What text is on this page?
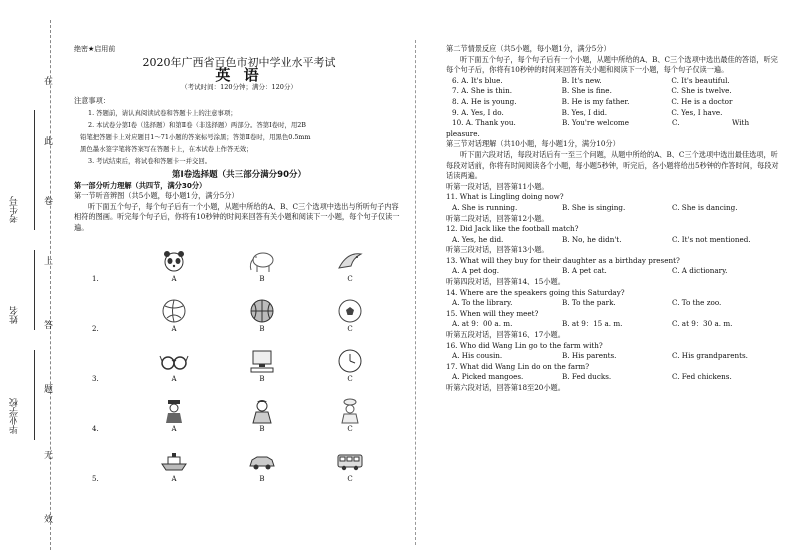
在
此
卷
上
答
题
无
效
考生号
姓名
毕业学校
绝密★启用前
2020年广西省百色市初中学业水平考试
英 语
（考试时间：120分钟；满分：120分）
注意事项：
1. 答题前，请认真阅读试卷和答题卡上的注意事项；
2. 本试卷分第Ⅰ卷（选择题）和第Ⅱ卷（非选择题）两部分。答第Ⅰ卷时，用2B
铅笔把答题卡上对应题目1～71小题的答案标号涂黑；答第Ⅱ卷时，用黑色0.5mm
黑色墨水签字笔将答案写在答题卡上，在本试卷上作答无效；
3. 考试结束后，将试卷和答题卡一并交回。
第Ⅰ卷选择题（共三部分满分90分）
第一部分听力理解（共四节，满分30分）
第一节听音辨图（共5小题，每小题1分，满分5分）
听下面五个句子，每个句子后有一个小题，从题中所给的A、B、C三个选项中选出与所听句子内容相符的图画。听完每个句子后，你将有10秒钟的时间来回答有关小题和阅读下一小题，每个句子仅读一遍。
1.	A	B	C
2.	A	B	C
3.	A	B	C
4.	A	B	C
5.	A	B	C
第二节情景反应（共5小题，每小题1分，满分5分）
听下面五个句子，每个句子后有一个小题，从题中所给的A、B、C三个选项中选出最佳的答语，听完每个句子后，你将有10秒钟的时间来回答有关小题和阅读下一小题，每个句子仅读一遍。
6. A. It's blue.	B. It's new.	C. It's beautiful.
7. A. She is thin.	B. She is fine.	C. She is twelve.
8. A. He is young.	B. He is my father.	C. He is a doctor
9. A. Yes, I do.	B. Yes, I did.	C. Yes, I have.
10. A. Thank you.	B. You're welcome	C.	With
pleasure.
第三节对话理解（共10小题，每小题1分，满分10分）
听下面六段对话，每段对话后有一至三个问题，从题中所给的A、B、C三个选项中选出最佳选项，听每段对话前，你将有时间阅读各个小题，每小题5秒钟，听完后，各小题将给出5秒钟的作答时间，每段对话读两遍。
听第一段对话，回答第11小题。
11. What is Lingling doing now?
A. She is running.	B. She is singing.	C. She is dancing.
听第二段对话，回答第12小题。
12. Did Jack like the football match?
A. Yes, he did.	B. No, he didn't.	C. It's not mentioned.
听第三段对话，回答第13小题。
13. What will they buy for their daughter as a birthday present?
A. A pet dog.	B. A pet cat.	C. A dictionary.
听第四段对话，回答第14、15小题。
14. Where are the speakers going this Saturday?
A. To the library.	B. To the park.	C. To the zoo.
15. When will they meet?
A. at 9：00 a. m.	B. at 9：15 a. m.	C. at 9：30 a. m.
听第五段对话，回答第16、17小题。
16. Who did Wang Lin go to the farm with?
A. His cousin.	B. His parents.	C. His grandparents.
17. What did Wang Lin do on the farm?
A. Picked mangoes.	B. Fed ducks.	C. Fed chickens.
听第六段对话，回答第18至20小题。
